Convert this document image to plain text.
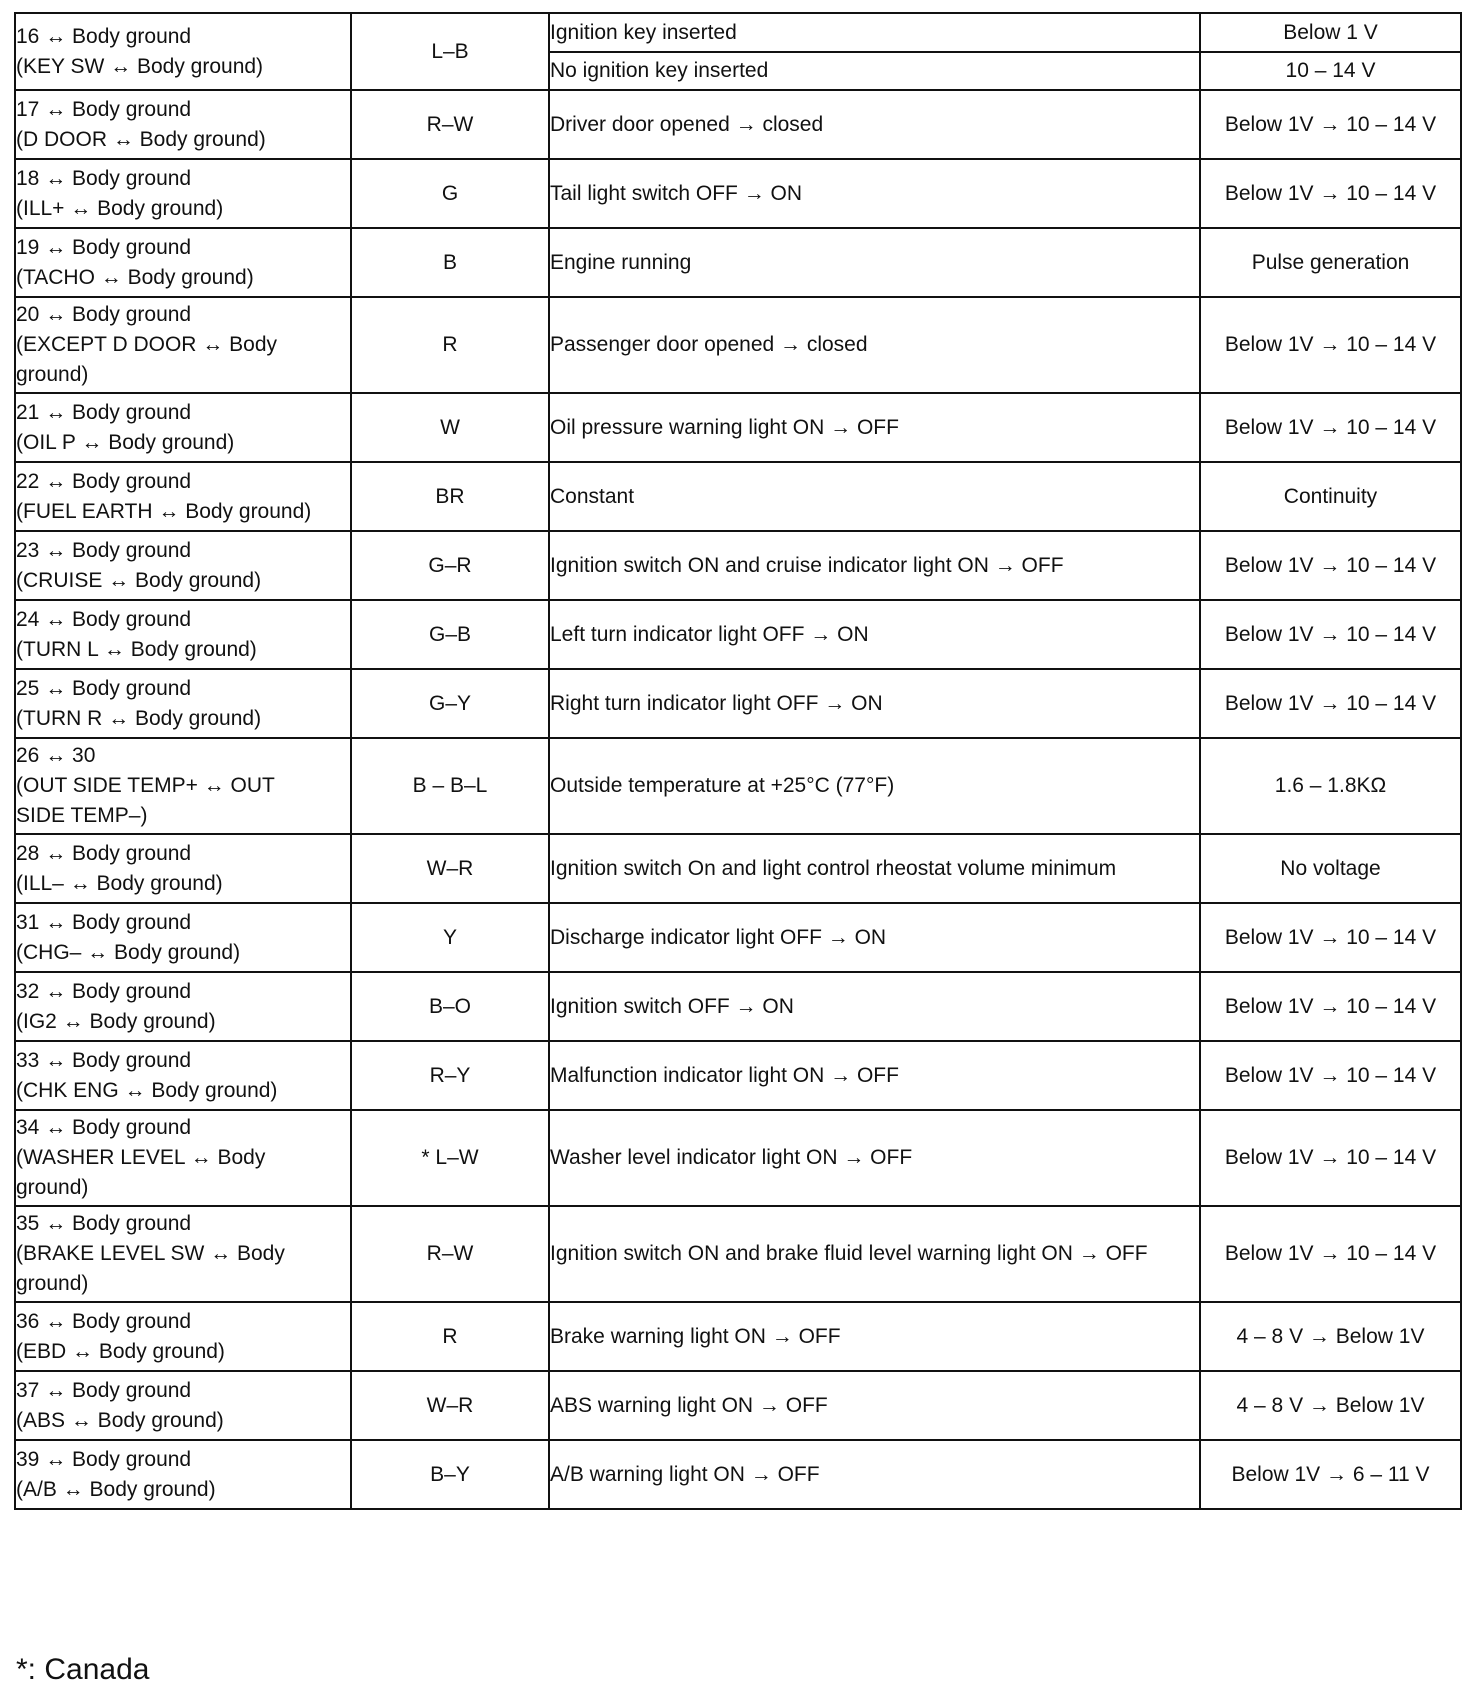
16 ↔ Body ground
(KEY SW ↔ Body ground)	L–B	Ignition key inserted	Below 1 V
		No ignition key inserted	10 – 14 V

17 ↔ Body ground
(D DOOR ↔ Body ground)	R–W	Driver door opened → closed	Below 1V → 10 – 14 V

18 ↔ Body ground
(ILL+ ↔ Body ground)	G	Tail light switch OFF → ON	Below 1V → 10 – 14 V

19 ↔ Body ground
(TACHO ↔ Body ground)	B	Engine running	Pulse generation

20 ↔ Body ground
(EXCEPT D DOOR ↔ Body
ground)	R	Passenger door opened → closed	Below 1V → 10 – 14 V

21 ↔ Body ground
(OIL P ↔ Body ground)	W	Oil pressure warning light ON → OFF	Below 1V → 10 – 14 V

22 ↔ Body ground
(FUEL EARTH ↔ Body ground)	BR	Constant	Continuity

23 ↔ Body ground
(CRUISE ↔ Body ground)	G–R	Ignition switch ON and cruise indicator light ON → OFF	Below 1V → 10 – 14 V

24 ↔ Body ground
(TURN L ↔ Body ground)	G–B	Left turn indicator light OFF → ON	Below 1V → 10 – 14 V

25 ↔ Body ground
(TURN R ↔ Body ground)	G–Y	Right turn indicator light OFF → ON	Below 1V → 10 – 14 V

26 ↔ 30
(OUT SIDE TEMP+ ↔ OUT
SIDE TEMP–)	B – B–L	Outside temperature at +25°C (77°F)	1.6 – 1.8KΩ

28 ↔ Body ground
(ILL– ↔ Body ground)	W–R	Ignition switch On and light control rheostat volume minimum	No voltage

31 ↔ Body ground
(CHG– ↔ Body ground)	Y	Discharge indicator light OFF → ON	Below 1V → 10 – 14 V

32 ↔ Body ground
(IG2 ↔ Body ground)	B–O	Ignition switch OFF → ON	Below 1V → 10 – 14 V

33 ↔ Body ground
(CHK ENG ↔ Body ground)	R–Y	Malfunction indicator light ON → OFF	Below 1V → 10 – 14 V

34 ↔ Body ground
(WASHER LEVEL ↔ Body
ground)	* L–W	Washer level indicator light ON → OFF	Below 1V → 10 – 14 V

35 ↔ Body ground
(BRAKE LEVEL SW ↔ Body
ground)	R–W	Ignition switch ON and brake fluid level warning light ON → OFF	Below 1V → 10 – 14 V

36 ↔ Body ground
(EBD ↔ Body ground)	R	Brake warning light ON → OFF	4 – 8 V → Below 1V

37 ↔ Body ground
(ABS ↔ Body ground)	W–R	ABS warning light ON → OFF	4 – 8 V → Below 1V

39 ↔ Body ground
(A/B ↔ Body ground)	B–Y	A/B warning light ON → OFF	Below 1V → 6 – 11 V
*: Canada
